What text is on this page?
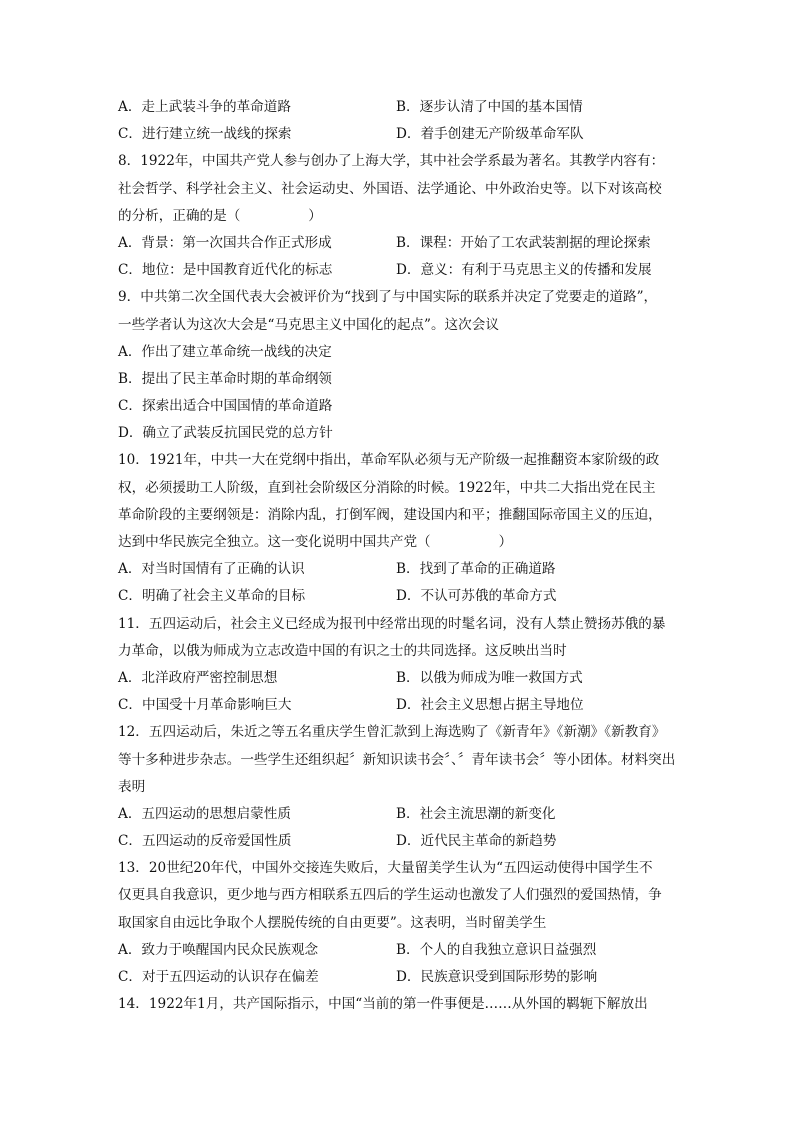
A．走上武装斗争的革命道路	B．逐步认清了中国的基本国情
C．进行建立统一战线的探索	D．着手创建无产阶级革命军队
8．1922年，中国共产党人参与创办了上海大学，其中社会学系最为著名。其教学内容有：
社会哲学、科学社会主义、社会运动史、外国语、法学通论、中外政治史等。以下对该高校
的分析，正确的是（　　　　　）
A．背景：第一次国共合作正式形成	B．课程：开始了工农武装割据的理论探索
C．地位：是中国教育近代化的标志	D．意义：有利于马克思主义的传播和发展
9．中共第二次全国代表大会被评价为“找到了与中国实际的联系并决定了党要走的道路”，
一些学者认为这次大会是“马克思主义中国化的起点”。这次会议
A．作出了建立革命统一战线的决定
B．提出了民主革命时期的革命纲领
C．探索出适合中国国情的革命道路
D．确立了武装反抗国民党的总方针
10．1921年，中共一大在党纲中指出，革命军队必须与无产阶级一起推翻资本家阶级的政
权，必须援助工人阶级，直到社会阶级区分消除的时候。1922年，中共二大指出党在民主
革命阶段的主要纲领是：消除内乱，打倒军阀，建设国内和平；推翻国际帝国主义的压迫，
达到中华民族完全独立。这一变化说明中国共产党（　　　　　）
A．对当时国情有了正确的认识	B．找到了革命的正确道路
C．明确了社会主义革命的目标	D．不认可苏俄的革命方式
11．五四运动后，社会主义已经成为报刊中经常出现的时髦名词，没有人禁止赞扬苏俄的暴
力革命，以俄为师成为立志改造中国的有识之士的共同选择。这反映出当时
A．北洋政府严密控制思想	B．以俄为师成为唯一救国方式
C．中国受十月革命影响巨大	D．社会主义思想占据主导地位
12．五四运动后，朱近之等五名重庆学生曾汇款到上海选购了《新青年》《新潮》《新教育》
等十多种进步杂志。一些学生还组织起〞新知识读书会〞、〞青年读书会〞等小团体。材料突出
表明
A．五四运动的思想启蒙性质	B．社会主流思潮的新变化
C．五四运动的反帝爱国性质	D．近代民主革命的新趋势
13．20世纪20年代，中国外交接连失败后，大量留美学生认为“五四运动使得中国学生不
仅更具自我意识，更少地与西方相联系五四后的学生运动也激发了人们强烈的爱国热情，争
取国家自由远比争取个人摆脱传统的自由更要”。这表明，当时留美学生
A．致力于唤醒国内民众民族观念	B．个人的自我独立意识日益强烈
C．对于五四运动的认识存在偏差	D．民族意识受到国际形势的影响
14．1922年1月，共产国际指示，中国“当前的第一件事便是……从外国的羁轭下解放出
